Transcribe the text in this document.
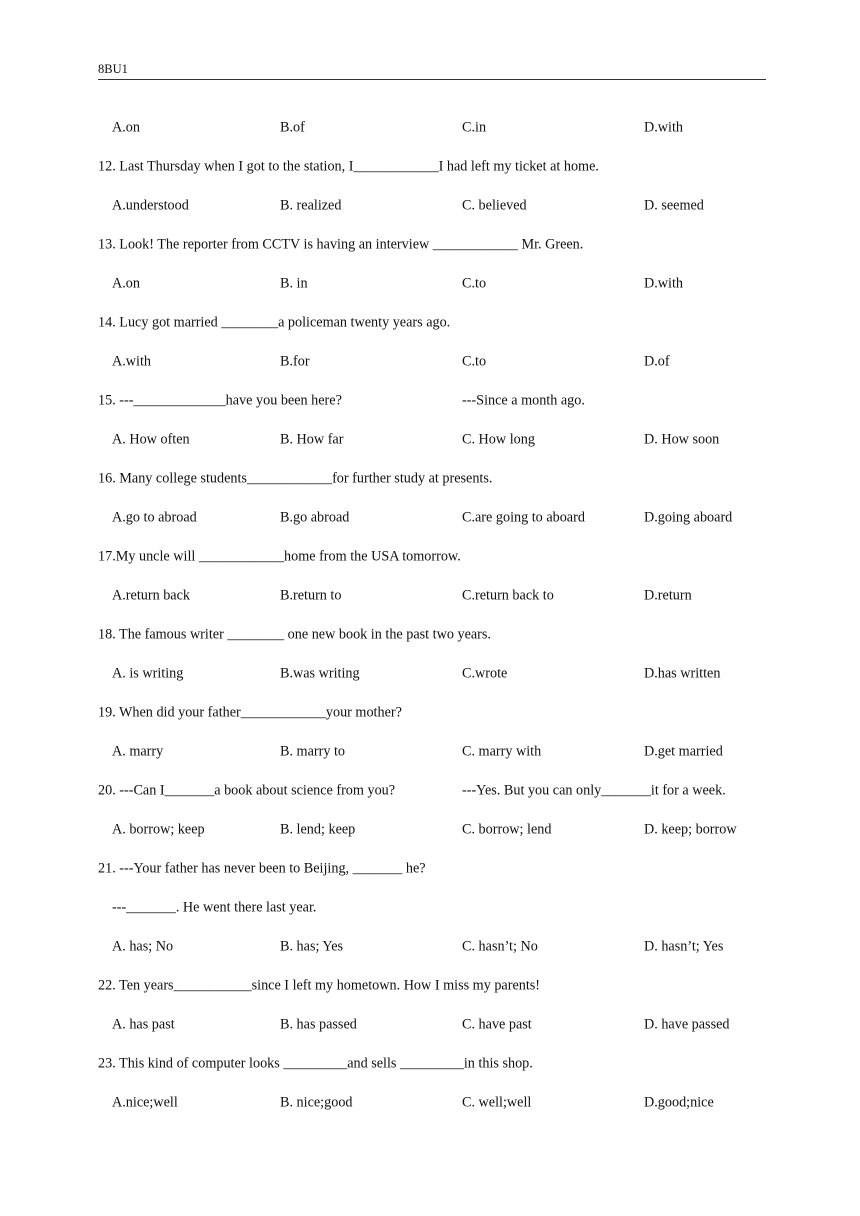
8BU1
A.on	B.of	C.in	D.with
12. Last Thursday when I got to the station, I____________I had left my ticket at home.
A.understood	B. realized	C. believed	D. seemed
13. Look! The reporter from CCTV is having an interview ____________ Mr. Green.
A.on	B. in	C.to	D.with
14. Lucy got married ________a policeman twenty years ago.
A.with	B.for	C.to	D.of
15. ---_____________have you been here?	---Since a month ago.
A. How often	B. How far	C. How long	D. How soon
16. Many college students____________for further study at presents.
A.go to abroad	B.go abroad	C.are going to aboard	D.going aboard
17.My uncle will ____________home from the USA tomorrow.
A.return back	B.return to	C.return back to	D.return
18. The famous writer ________ one new book in the past two years.
A. is writing	B.was writing	C.wrote	D.has written
19. When did your father____________your mother?
A. marry	B. marry to	C. marry with	D.get married
20. ---Can I_______a book about science from you?	---Yes. But you can only_______it for a week.
A. borrow; keep	B. lend; keep	C. borrow; lend	D. keep; borrow
21. ---Your father has never been to Beijing, _______ he?
---_______. He went there last year.
A. has; No	B. has; Yes	C. hasn’t; No	D. hasn’t; Yes
22. Ten years___________since I left my hometown. How I miss my parents!
A. has past	B. has passed	C. have past	D. have passed
23. This kind of computer looks _________and sells _________in this shop.
A.nice;well	B. nice;good	C. well;well	D.good;nice
